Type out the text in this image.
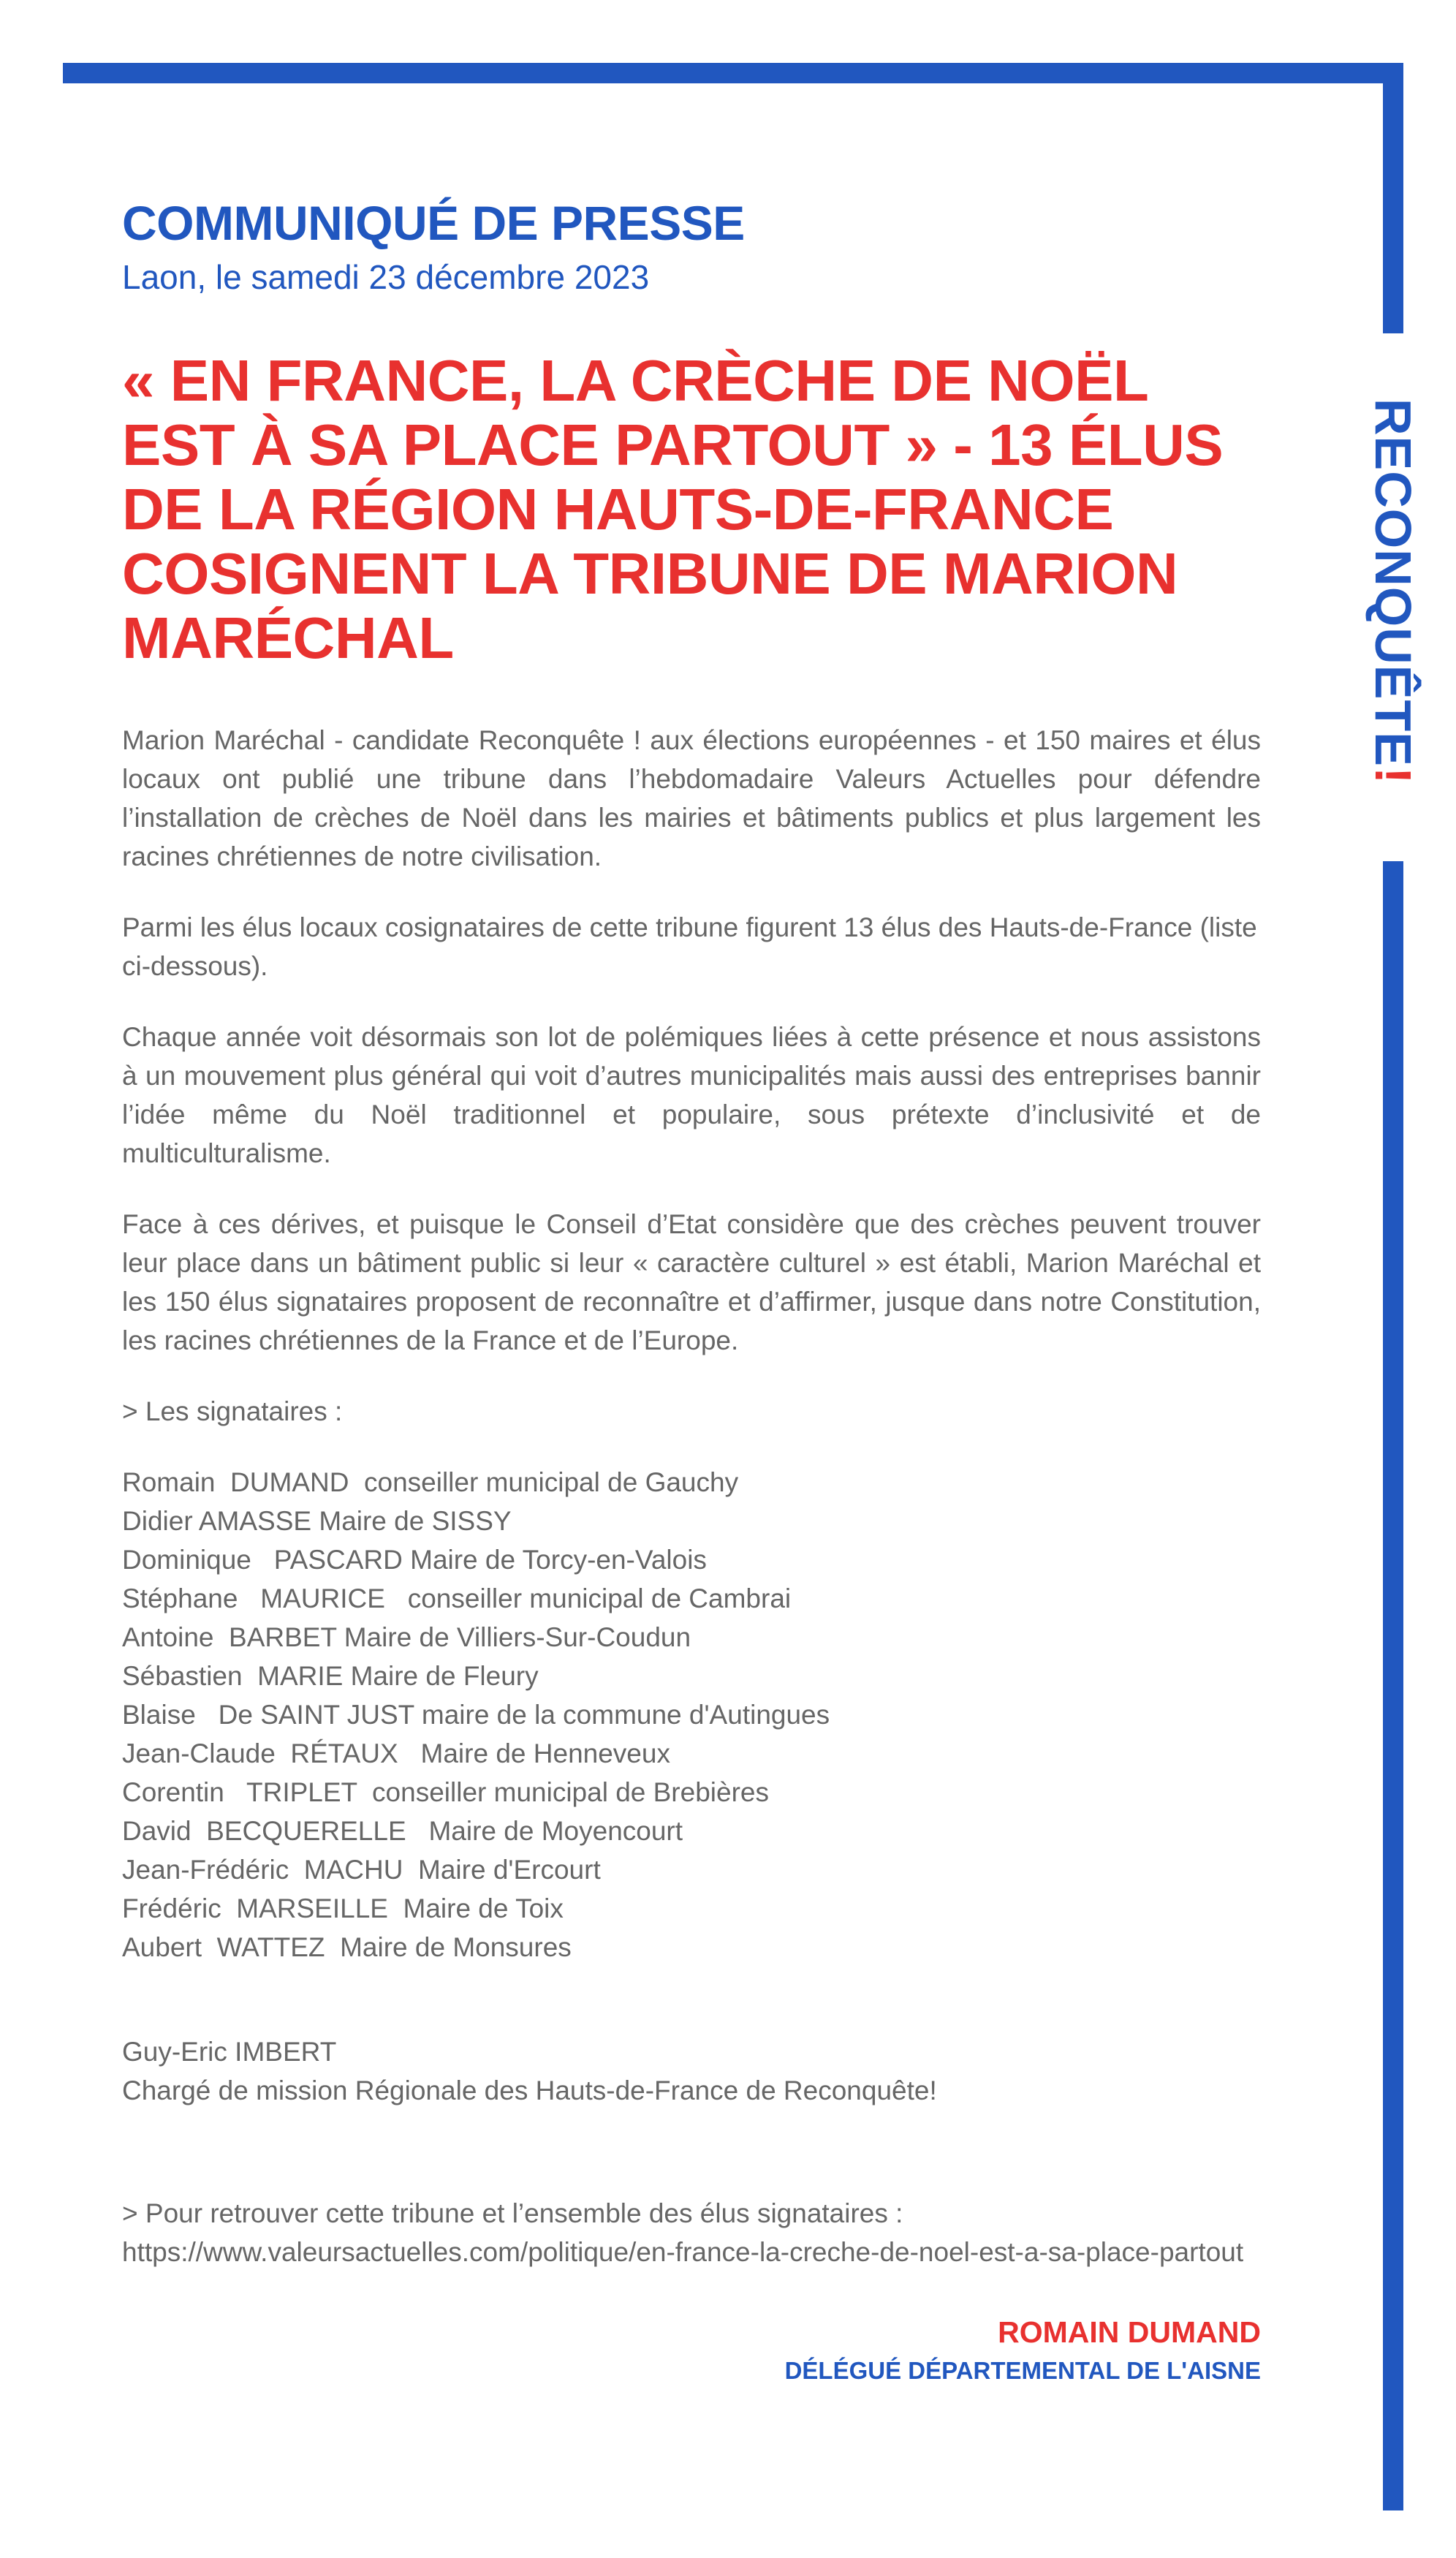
RECONQUÊTE!
COMMUNIQUÉ DE PRESSE
Laon, le samedi 23 décembre 2023
« EN FRANCE, LA CRÈCHE DE NOËL EST À SA PLACE PARTOUT » - 13 ÉLUS DE LA RÉGION HAUTS-DE-FRANCE COSIGNENT LA TRIBUNE DE MARION MARÉCHAL

Marion Maréchal - candidate Reconquête ! aux élections européennes - et 150 maires et élus locaux ont publié une tribune dans l’hebdomadaire Valeurs Actuelles pour défendre l’installation de crèches de Noël dans les mairies et bâtiments publics et plus largement les racines chrétiennes de notre civilisation.

Parmi les élus locaux cosignataires de cette tribune figurent 13 élus des Hauts-de-France (liste ci-dessous).

Chaque année voit désormais son lot de polémiques liées à cette présence et nous assistons à un mouvement plus général qui voit d’autres municipalités mais aussi des entreprises bannir l’idée même du Noël traditionnel et populaire, sous prétexte d’inclusivité et de multiculturalisme.

Face à ces dérives, et puisque le Conseil d’Etat considère que des crèches peuvent trouver leur place dans un bâtiment public si leur « caractère culturel » est établi, Marion Maréchal et les 150 élus signataires proposent de reconnaître et d’affirmer, jusque dans notre Constitution, les racines chrétiennes de la France et de l’Europe.

> Les signataires :
Romain  DUMAND  conseiller municipal de Gauchy
Didier AMASSE Maire de SISSY
Dominique   PASCARD Maire de Torcy-en-Valois
Stéphane   MAURICE   conseiller municipal de Cambrai
Antoine  BARBET Maire de Villiers-Sur-Coudun
Sébastien  MARIE Maire de Fleury
Blaise   De SAINT JUST maire de la commune d'Autingues
Jean-Claude  RÉTAUX   Maire de Henneveux
Corentin   TRIPLET  conseiller municipal de Brebières
David  BECQUERELLE   Maire de Moyencourt
Jean-Frédéric  MACHU  Maire d'Ercourt
Frédéric  MARSEILLE  Maire de Toix
Aubert  WATTEZ  Maire de Monsures
Guy-Eric IMBERT
Chargé de mission Régionale des Hauts-de-France de Reconquête!
> Pour retrouver cette tribune et l’ensemble des élus signataires :
https://www.valeursactuelles.com/politique/en-france-la-creche-de-noel-est-a-sa-place-partout
ROMAIN DUMAND
DÉLÉGUÉ DÉPARTEMENTAL DE L'AISNE
